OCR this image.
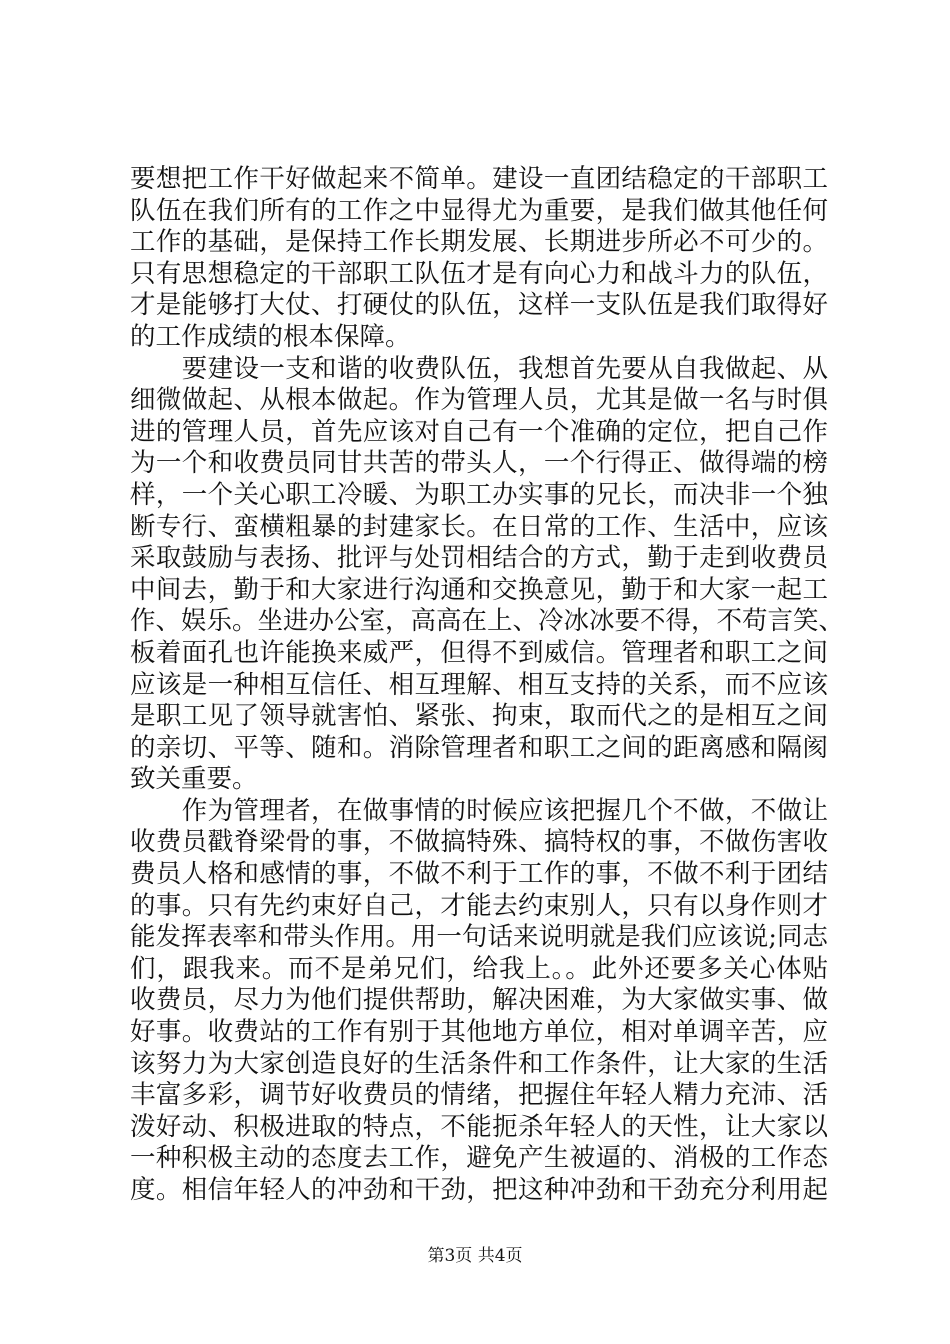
要想把工作干好做起来不简单。建设一直团结稳定的干部职工
队伍在我们所有的工作之中显得尤为重要，是我们做其他任何
工作的基础，是保持工作长期发展、长期进步所必不可少的。
只有思想稳定的干部职工队伍才是有向心力和战斗力的队伍，
才是能够打大仗、打硬仗的队伍，这样一支队伍是我们取得好
的工作成绩的根本保障。
　　要建设一支和谐的收费队伍，我想首先要从自我做起、从
细微做起、从根本做起。作为管理人员，尤其是做一名与时俱
进的管理人员，首先应该对自己有一个准确的定位，把自己作
为一个和收费员同甘共苦的带头人，一个行得正、做得端的榜
样，一个关心职工冷暖、为职工办实事的兄长，而决非一个独
断专行、蛮横粗暴的封建家长。在日常的工作、生活中，应该
采取鼓励与表扬、批评与处罚相结合的方式，勤于走到收费员
中间去，勤于和大家进行沟通和交换意见，勤于和大家一起工
作、娱乐。坐进办公室，高高在上、冷冰冰要不得，不苟言笑、
板着面孔也许能换来威严，但得不到威信。管理者和职工之间
应该是一种相互信任、相互理解、相互支持的关系，而不应该
是职工见了领导就害怕、紧张、拘束，取而代之的是相互之间
的亲切、平等、随和。消除管理者和职工之间的距离感和隔阂
致关重要。
　　作为管理者，在做事情的时候应该把握几个不做，不做让
收费员戳脊梁骨的事，不做搞特殊、搞特权的事，不做伤害收
费员人格和感情的事，不做不利于工作的事，不做不利于团结
的事。只有先约束好自己，才能去约束别人，只有以身作则才
能发挥表率和带头作用。用一句话来说明就是我们应该说;同志
们，跟我来。而不是弟兄们，给我上。。此外还要多关心体贴
收费员，尽力为他们提供帮助，解决困难，为大家做实事、做
好事。收费站的工作有别于其他地方单位，相对单调辛苦，应
该努力为大家创造良好的生活条件和工作条件，让大家的生活
丰富多彩，调节好收费员的情绪，把握住年轻人精力充沛、活
泼好动、积极进取的特点，不能扼杀年轻人的天性，让大家以
一种积极主动的态度去工作，避免产生被逼的、消极的工作态
度。相信年轻人的冲劲和干劲，把这种冲劲和干劲充分利用起
第3页 共4页
